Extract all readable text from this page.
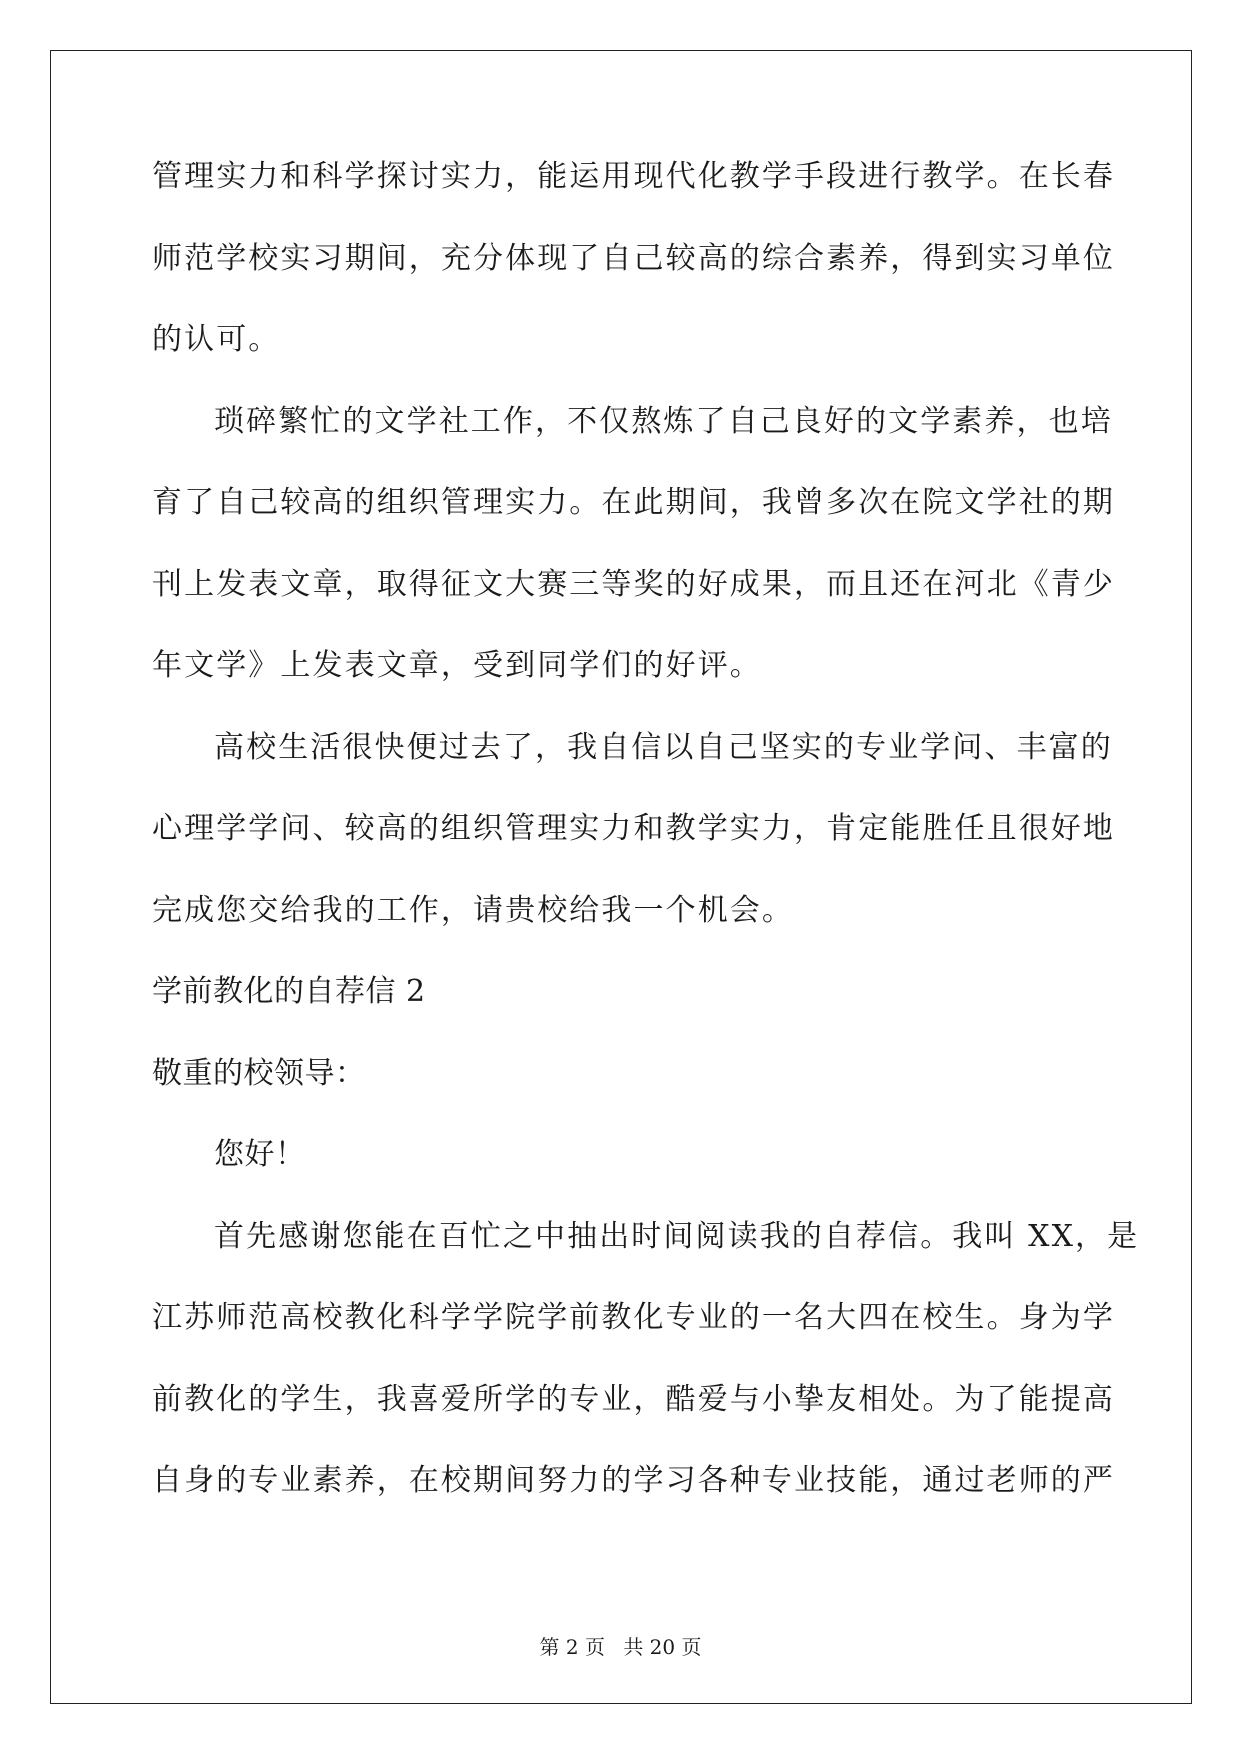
管理实力和科学探讨实力，能运用现代化教学手段进行教学。在长春
师范学校实习期间，充分体现了自己较高的综合素养，得到实习单位
的认可。
琐碎繁忙的文学社工作，不仅熬炼了自己良好的文学素养，也培
育了自己较高的组织管理实力。在此期间，我曾多次在院文学社的期
刊上发表文章，取得征文大赛三等奖的好成果，而且还在河北《青少
年文学》上发表文章，受到同学们的好评。
高校生活很快便过去了，我自信以自己坚实的专业学问、丰富的
心理学学问、较高的组织管理实力和教学实力，肯定能胜任且很好地
完成您交给我的工作，请贵校给我一个机会。
学前教化的自荐信 2
敬重的校领导：
您好！
首先感谢您能在百忙之中抽出时间阅读我的自荐信。我叫 XX，是
江苏师范高校教化科学学院学前教化专业的一名大四在校生。身为学
前教化的学生，我喜爱所学的专业，酷爱与小挚友相处。为了能提高
自身的专业素养，在校期间努力的学习各种专业技能，通过老师的严
第 2 页 共 20 页
